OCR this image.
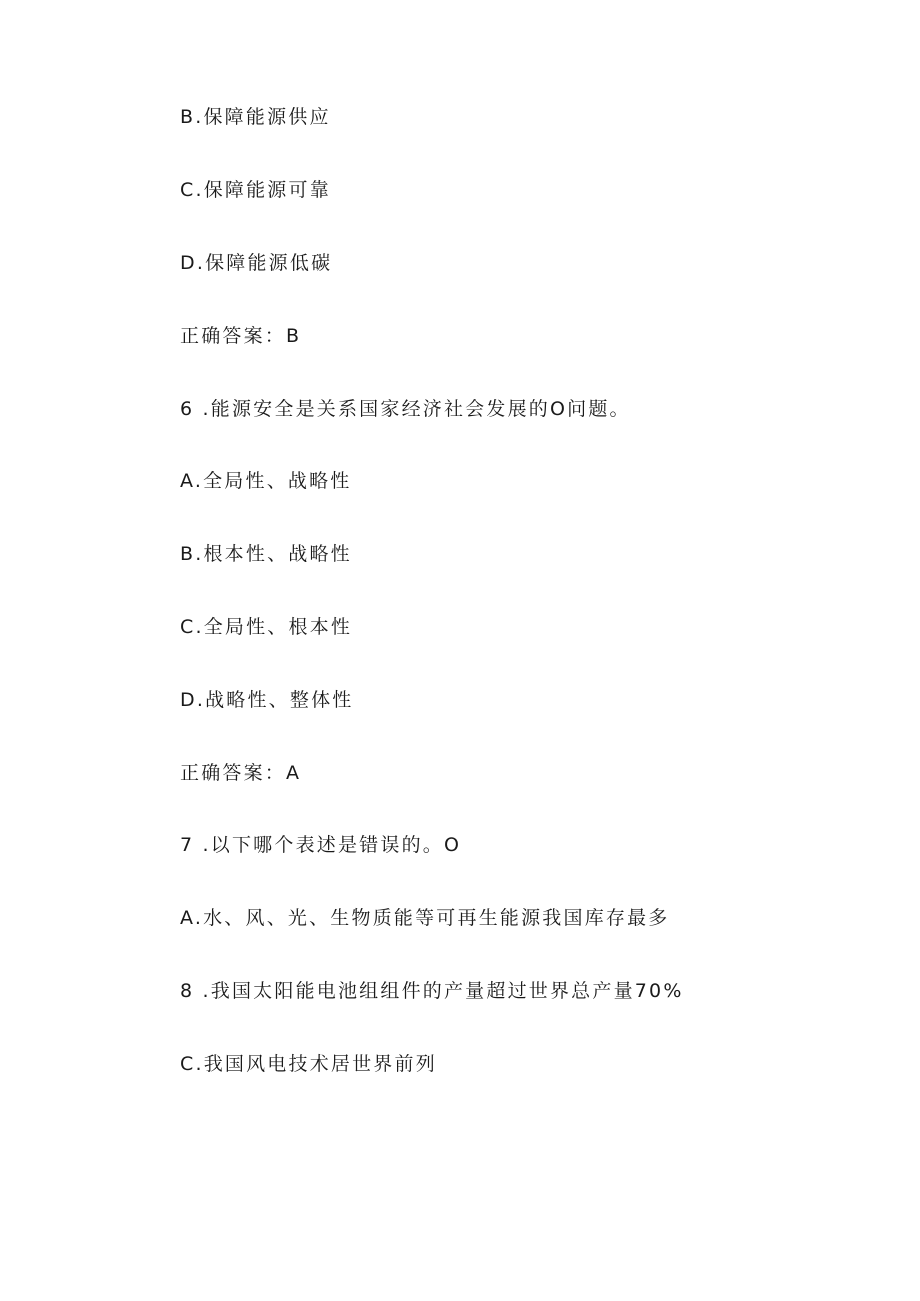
B.保障能源供应
C.保障能源可靠
D.保障能源低碳
正确答案：B
6 .能源安全是关系国家经济社会发展的O问题。
A.全局性、战略性
B.根本性、战略性
C.全局性、根本性
D.战略性、整体性
正确答案：A
7 .以下哪个表述是错误的。O
A.水、风、光、生物质能等可再生能源我国库存最多
8 .我国太阳能电池组组件的产量超过世界总产量70%
C.我国风电技术居世界前列
